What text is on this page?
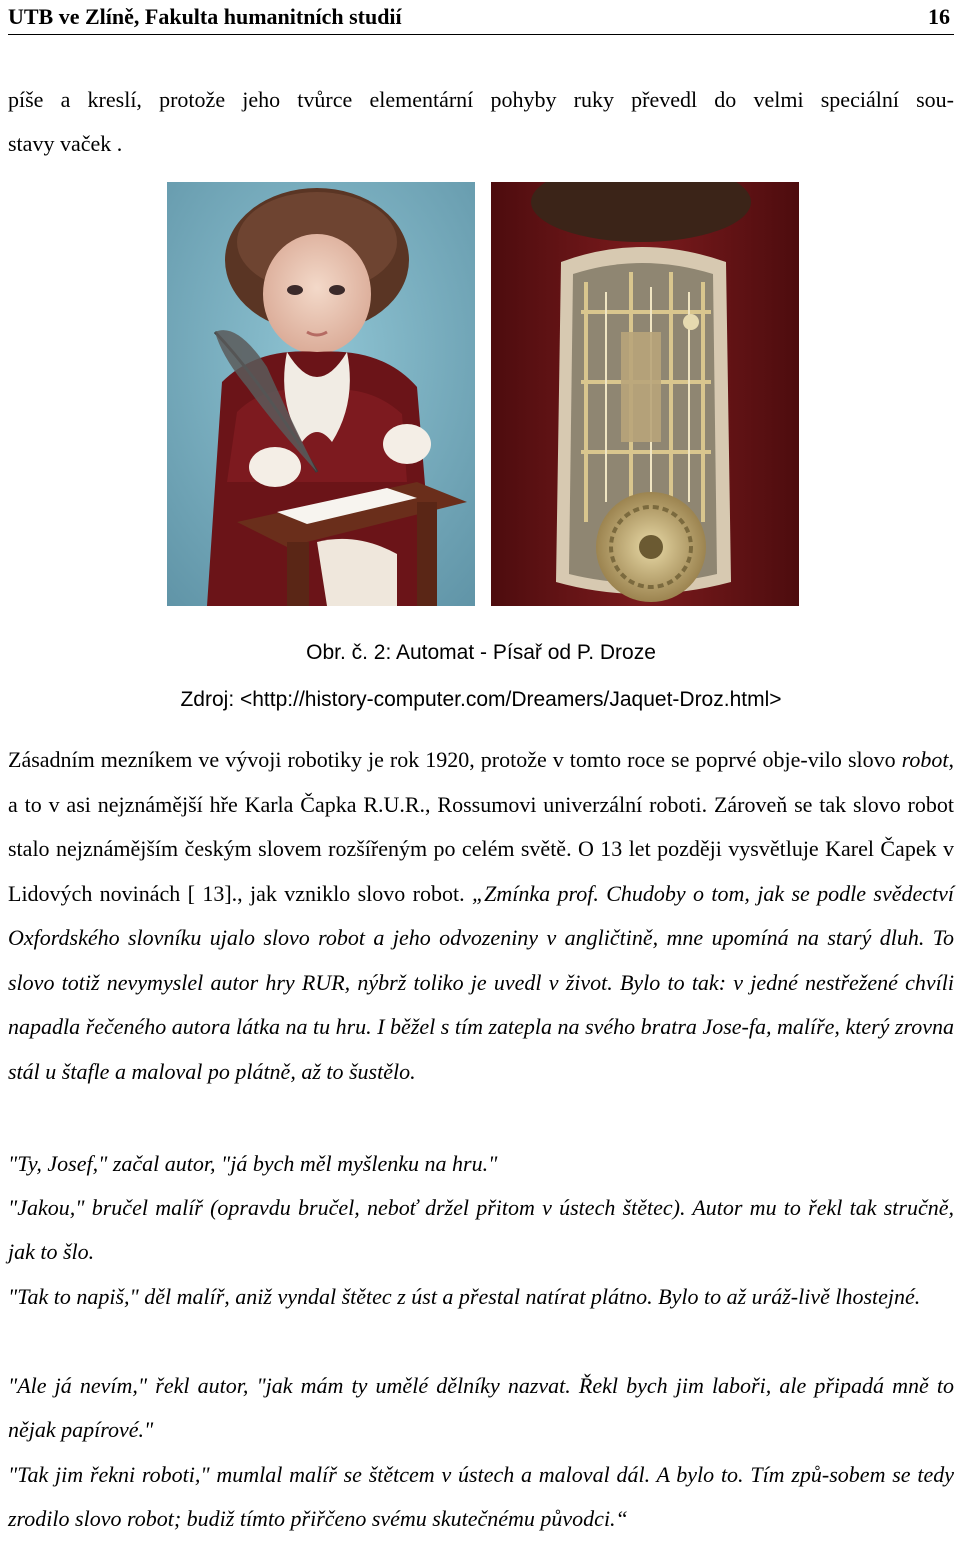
UTB ve Zlíně, Fakulta humanitních studií	16
píše a kreslí, protože jeho tvůrce elementární pohyby ruky převedl do velmi speciální sou-
stavy vaček .
Obr. č. 2: Automat - Písař od P. Droze
Zdroj: <http://history-computer.com/Dreamers/Jaquet-Droz.html>
Zásadním mezníkem ve vývoji robotiky je rok 1920, protože v tomto roce se poprvé obje-vilo slovo robot, a to v asi nejznámější hře Karla Čapka R.U.R., Rossumovi univerzální roboti. Zároveň se tak slovo robot stalo nejznámějším českým slovem rozšířeným po celém světě. O 13 let později vysvětluje Karel Čapek v Lidových novinách [ 13]., jak vzniklo slovo robot. „Zmínka prof. Chudoby o tom, jak se podle svědectví Oxfordského slovníku ujalo slovo robot a jeho odvozeniny v angličtině, mne upomíná na starý dluh. To slovo totiž nevymyslel autor hry RUR, nýbrž toliko je uvedl v život. Bylo to tak: v jedné nestřežené chvíli napadla řečeného autora látka na tu hru. I běžel s tím zatepla na svého bratra Jose-fa, malíře, který zrovna stál u štafle a maloval po plátně, až to šustělo.
"Ty, Josef," začal autor, "já bych měl myšlenku na hru."
"Jakou," bručel malíř (opravdu bručel, neboť držel přitom v ústech štětec). Autor mu to řekl tak stručně, jak to šlo.
"Tak to napiš," děl malíř, aniž vyndal štětec z úst a přestal natírat plátno. Bylo to až uráž-livě lhostejné.
"Ale já nevím," řekl autor, "jak mám ty umělé dělníky nazvat. Řekl bych jim laboři, ale připadá mně to nějak papírové."
"Tak jim řekni roboti," mumlal malíř se štětcem v ústech a maloval dál. A bylo to. Tím způ-sobem se tedy zrodilo slovo robot; budiž tímto přiřčeno svému skutečnému původci.“
